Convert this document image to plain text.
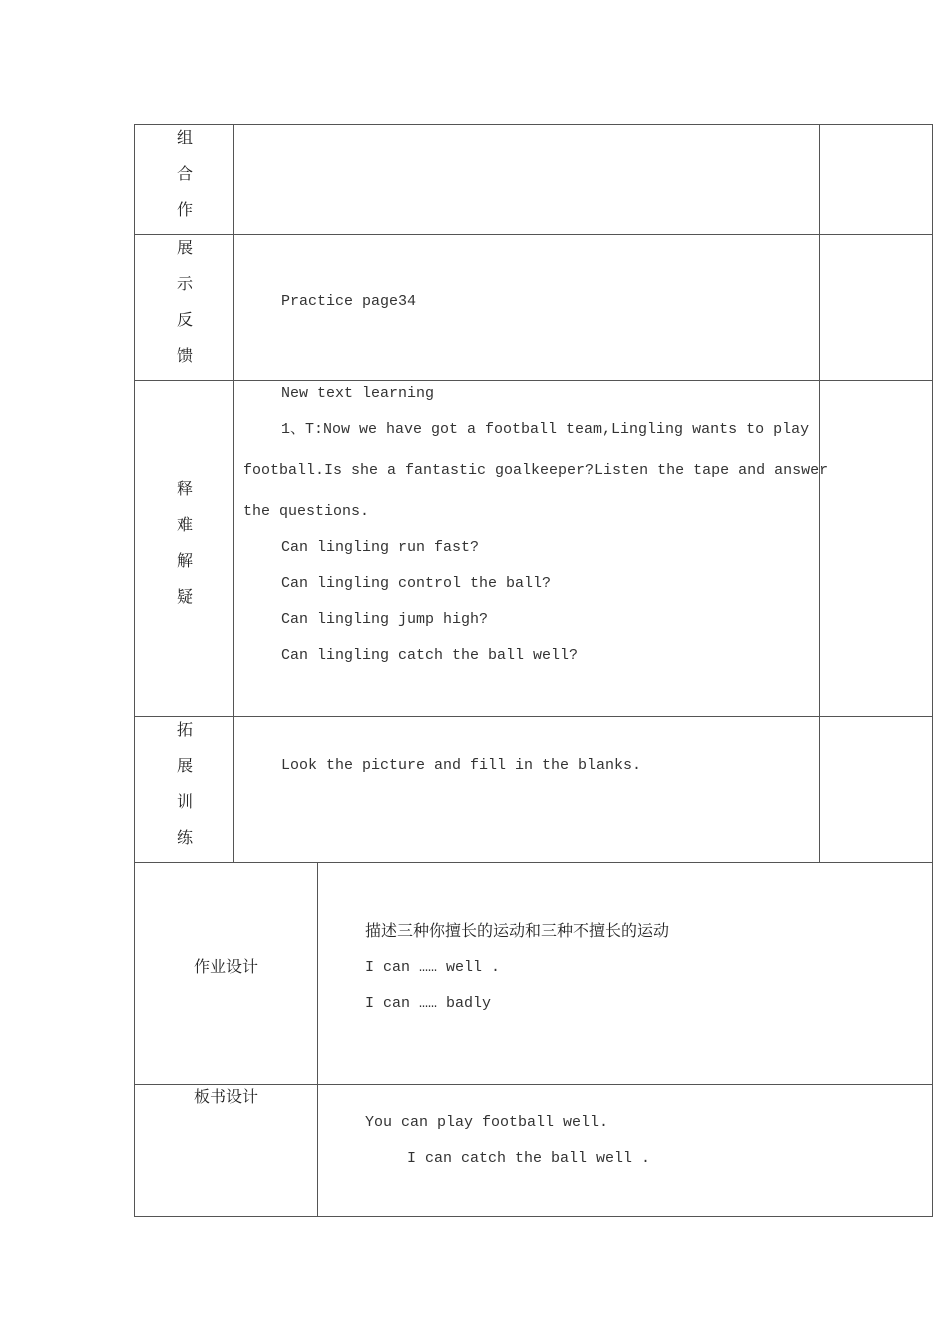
组
合
作
展
示
反
馈
Practice page34
释
难
解
疑
New text learning
1、T:Now we have got a football team,Lingling wants to play
football.Is she a fantastic goalkeeper?Listen the tape and answer
the questions.
Can lingling run fast?
Can lingling control the ball?
Can lingling jump high?
Can lingling catch the ball well?
拓
展
训
练
Look the picture and fill in the blanks.
作业设计
描述三种你擅长的运动和三种不擅长的运动
I can …… well .
I can …… badly
板书设计
You can play football well.
I can catch the ball well .
